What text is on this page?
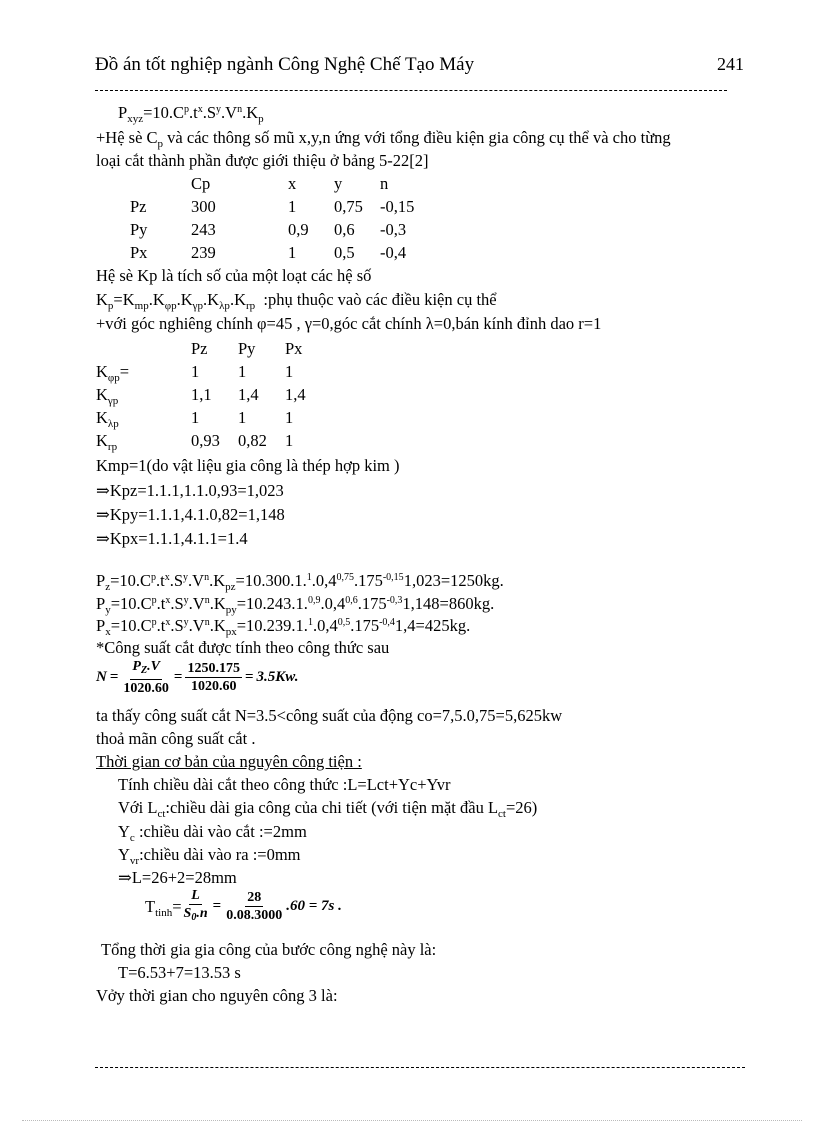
Đồ án tốt nghiệp ngành Công Nghệ Chế Tạo Máy	241
$P_{xyz}=10.C^p.t^x.S^y.V^n.K_p$
+Hệ sè $C_p$ và các thông số mũ x,y,n ứng với tổng điều kiện gia công cụ thể và cho từng
loại cắt thành phần được giới thiệu ở bảng 5-22[2]
	Cp	x	y	n
Pz	300	1	0,75	-0,15
Py	243	0,9	0,6	-0,3
Px	239	1	0,5	-0,4
Hệ sè Kp là tích số của một loạt các hệ số
$K_p=K_{mp}.K_{\varphi p}.K_{\gamma p}.K_{\lambda p}.K_{rp}$  :phụ thuộc vaò các điều kiện cụ thể
+với góc nghiêng chính φ=45 , γ=0,góc cắt chính λ=0,bán kính đỉnh dao r=1
	Pz	Py	Px
$K_{\varphi p}=$	1	1	1
$K_{\gamma p}$	1,1	1,4	1,4
$K_{\lambda p}$	1	1	1
$K_{rp}$	0,93	0,82	1
Kmp=1(do vật liệu gia công là thép hợp kim )
⇒Kpz=1.1.1,1.1.0,93=1,023
⇒Kpy=1.1.1,4.1.0,82=1,148
⇒Kpx=1.1.1,4.1.1=1.4
$P_z=10.C^p.t^x.S^y.V^n.K_{pz}=10.300.1.^1.0,4^{0,75}.175^{-0,15}1,023=1250kg$.
$P_y=10.C^p.t^x.S^y.V^n.K_{py}=10.243.1.^{0,9}.0,4^{0,6}.175^{-0,3}1,148=860kg$.
$P_x=10.C^p.t^x.S^y.V^n.K_{px}=10.239.1.^1.0,4^{0,5}.175^{-0,4}1,4=425kg$.
*Công suất cắt được tính theo công thức sau
$N = \frac{P_Z.V}{1020.60} = \frac{1250.175}{1020.60} = 3.5Kw$.
ta thấy công suất cắt N=3.5<công suất của động co=7,5.0,75=5,625kw
thoả mãn công suất cắt .
Thời gian cơ bản của nguyên công tiện :
Tính chiều dài cắt theo công thức :L=Lct+Yc+Yvr
Với $L_{ct}:chiều$ dài gia công của chi tiết (với tiện mặt đầu $L_{ct}=26$)
$Y_c$ :chiều dài vào cắt :=2mm
$Y_{vr}:chiều$ dài vào ra :=0mm
⇒L=26+2=28mm
$T_{tinh}= \frac{L}{S_0.n} = \frac{28}{0.08.3000} .60 = 7s$ .
Tổng thời gia gia công của bước công nghệ này là:
T=6.53+7=13.53 s
Vởy thời gian cho nguyên công 3 là:
